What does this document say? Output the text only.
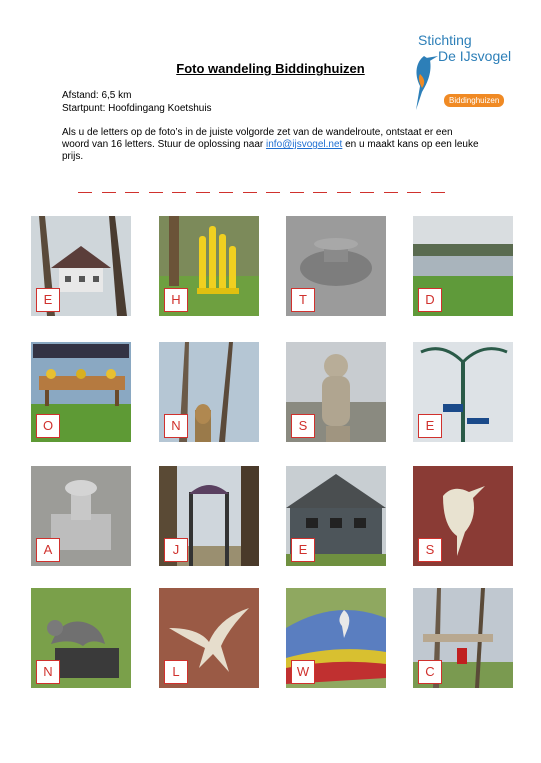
Foto wandeling Biddinghuizen
Stichting
De IJsvogel
Biddinghuizen
Afstand: 6,5 km
Startpunt: Hoofdingang Koetshuis
Als u de letters op de foto’s in de juiste volgorde zet van de wandelroute, ontstaat er een woord van 16 letters. Stuur de oplossing naar info@ijsvogel.net en u maakt kans op een leuke prijs.
E	H	T	D
O	N	S	E
A	J	E	S
N	L	W	C
